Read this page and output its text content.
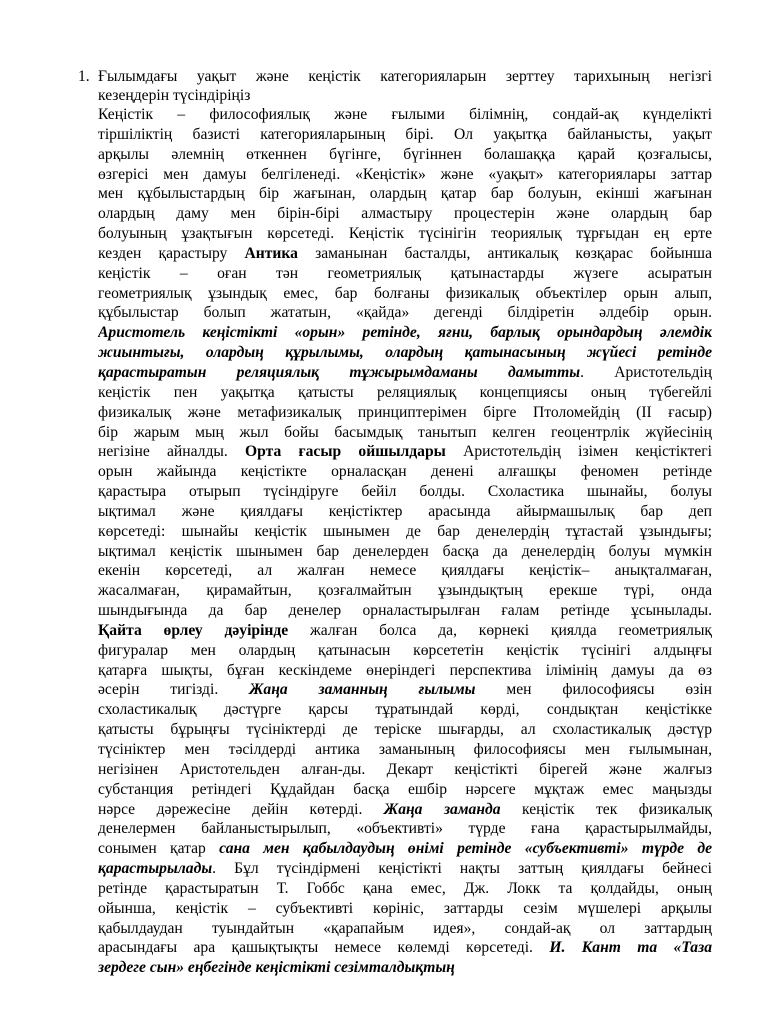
1. Ғылымдағы уақыт және кеңістік категорияларын зерттеу тарихының негізгі
кезеңдерін түсіндіріңіз
Кеңістік – философиялық және ғылыми білімнің, сондай-ақ күнделікті
тіршіліктің базисті категорияларының бірі. Ол уақытқа байланысты, уақыт
арқылы әлемнің өткеннен бүгінге, бүгіннен болашаққа қарай қозғалысы,
өзгерісі мен дамуы белгіленеді. «Кеңістік» және «уақыт» категориялары заттар
мен құбылыстардың бір жағынан, олардың қатар бар болуын, екінші жағынан
олардың даму мен бірін-бірі алмастыру процестерін және олардың бар
болуының ұзақтығын көрсетеді. Кеңістік түсінігін теориялық тұрғыдан ең ерте
кезден қарастыру Антика заманынан басталды, антикалық көзқарас бойынша
кеңістік – оған тән геометриялық қатынастарды жүзеге асыратын
геометриялық ұзындық емес, бар болғаны физикалық объектілер орын алып,
құбылыстар болып жататын, «қайда» дегенді білдіретін әлдебір орын.
Аристотель кеңістікті «орын» ретінде, яғни, барлық орындардың әлемдік
жиынтығы, олардың құрылымы, олардың қатынасының жүйесі ретінде
қарастыратын реляциялық тұжырымдаманы дамытты. Аристотельдің
кеңістік пен уақытқа қатысты реляциялық концепциясы оның түбегейлі
физикалық және метафизикалық принциптерімен бірге Птоломейдің (ІІ ғасыр)
бір жарым мың жыл бойы басымдық танытып келген геоцентрлік жүйесінің
негізіне айналды. Орта ғасыр ойшылдары Аристотельдің ізімен кеңістіктегі
орын жайында кеңістікте орналасқан денені алғашқы феномен ретінде
қарастыра отырып түсіндіруге бейіл болды. Схоластика шынайы, болуы
ықтимал және қиялдағы кеңістіктер арасында айырмашылық бар деп
көрсетеді: шынайы кеңістік шынымен де бар денелердің тұтастай ұзындығы;
ықтимал кеңістік шынымен бар денелерден басқа да денелердің болуы мүмкін
екенін көрсетеді, ал жалған немесе қиялдағы кеңістік– анықталмаған,
жасалмаған, қирамайтын, қозғалмайтын ұзындықтың ерекше түрі, онда
шындығында да бар денелер орналастырылған ғалам ретінде ұсынылады.
Қайта өрлеу дәуірінде жалған болса да, көрнекі қиялда геометриялық
фигуралар мен олардың қатынасын көрсететін кеңістік түсінігі алдыңғы
қатарға шықты, бұған кескіндеме өнеріндегі перспектива ілімінің дамуы да өз
әсерін тигізді. Жаңа заманның ғылымы мен философиясы өзін
схоластикалық дәстүрге қарсы тұратындай көрді, сондықтан кеңістікке
қатысты бұрыңғы түсініктерді де теріске шығарды, ал схоластикалық дәстүр
түсініктер мен тәсілдерді антика заманының философиясы мен ғылымынан,
негізінен Аристотельден алған-ды. Декарт кеңістікті бірегей және жалғыз
субстанция ретіндегі Құдайдан басқа ешбір нәрсеге мұқтаж емес маңызды
нәрсе дәрежесіне дейін көтерді. Жаңа заманда кеңістік тек физикалық
денелермен байланыстырылып, «объективті» түрде ғана қарастырылмайды,
сонымен қатар сана мен қабылдаудың өнімі ретінде «субъективті» түрде де
қарастырылады. Бұл түсіндірмені кеңістікті нақты заттың қиялдағы бейнесі
ретінде қарастыратын Т. Гоббс қана емес, Дж. Локк та қолдайды, оның
ойынша, кеңістік – субъективті көрініс, заттарды сезім мүшелері арқылы
қабылдаудан туындайтын «қарапайым идея», сондай-ақ ол заттардың
арасындағы ара қашықтықты немесе көлемді көрсетеді. И. Кант та «Таза
зердеге сын» еңбегінде кеңістікті сезімталдықтың
